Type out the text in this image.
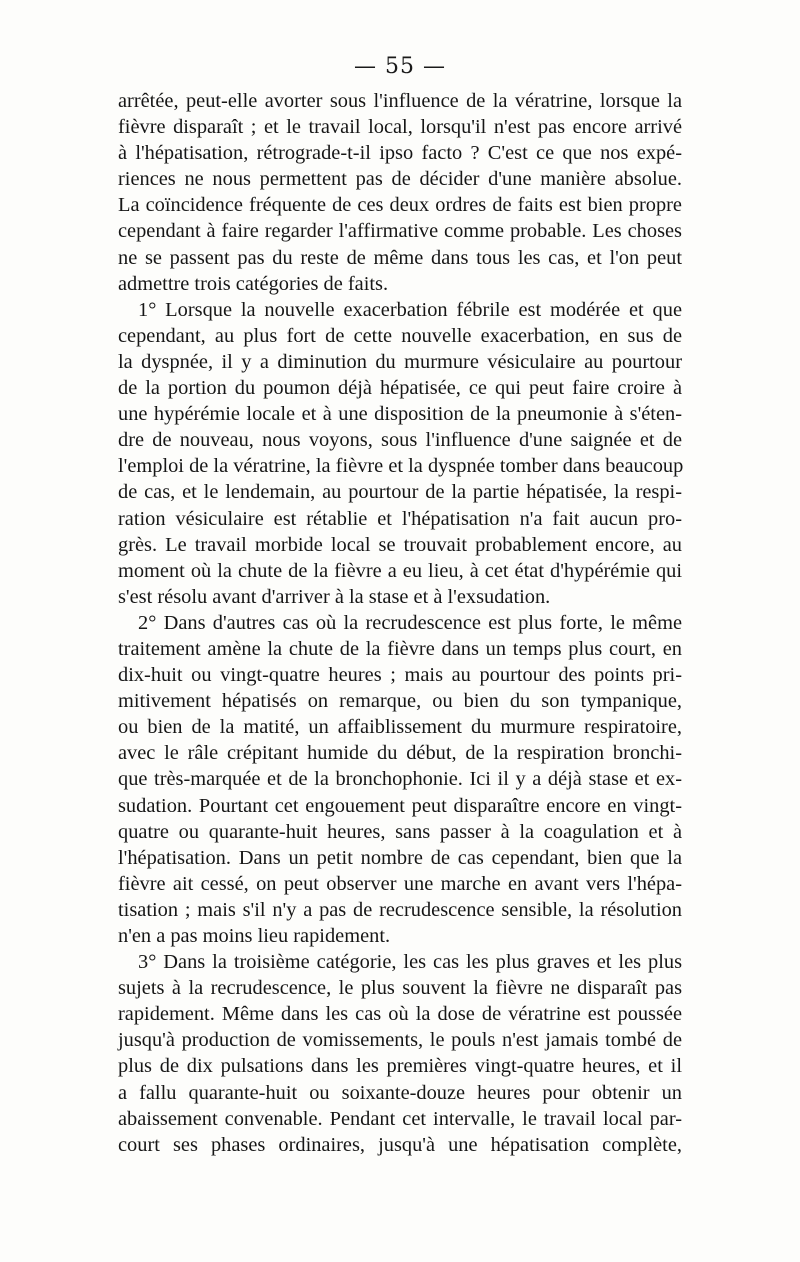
— 55 —
arrêtée, peut-elle avorter sous l'influence de la vératrine, lorsque la
fièvre disparaît ; et le travail local, lorsqu'il n'est pas encore arrivé
à l'hépatisation, rétrograde-t-il ipso facto ? C'est ce que nos expé-
riences ne nous permettent pas de décider d'une manière absolue.
La coïncidence fréquente de ces deux ordres de faits est bien propre
cependant à faire regarder l'affirmative comme probable. Les choses
ne se passent pas du reste de même dans tous les cas, et l'on peut
admettre trois catégories de faits.
1° Lorsque la nouvelle exacerbation fébrile est modérée et que
cependant, au plus fort de cette nouvelle exacerbation, en sus de
la dyspnée, il y a diminution du murmure vésiculaire au pourtour
de la portion du poumon déjà hépatisée, ce qui peut faire croire à
une hypérémie locale et à une disposition de la pneumonie à s'éten-
dre de nouveau, nous voyons, sous l'influence d'une saignée et de
l'emploi de la vératrine, la fièvre et la dyspnée tomber dans beaucoup
de cas, et le lendemain, au pourtour de la partie hépatisée, la respi-
ration vésiculaire est rétablie et l'hépatisation n'a fait aucun pro-
grès. Le travail morbide local se trouvait probablement encore, au
moment où la chute de la fièvre a eu lieu, à cet état d'hypérémie qui
s'est résolu avant d'arriver à la stase et à l'exsudation.
2° Dans d'autres cas où la recrudescence est plus forte, le même
traitement amène la chute de la fièvre dans un temps plus court, en
dix-huit ou vingt-quatre heures ; mais au pourtour des points pri-
mitivement hépatisés on remarque, ou bien du son tympanique,
ou bien de la matité, un affaiblissement du murmure respiratoire,
avec le râle crépitant humide du début, de la respiration bronchi-
que très-marquée et de la bronchophonie. Ici il y a déjà stase et ex-
sudation. Pourtant cet engouement peut disparaître encore en vingt-
quatre ou quarante-huit heures, sans passer à la coagulation et à
l'hépatisation. Dans un petit nombre de cas cependant, bien que la
fièvre ait cessé, on peut observer une marche en avant vers l'hépa-
tisation ; mais s'il n'y a pas de recrudescence sensible, la résolution
n'en a pas moins lieu rapidement.
3° Dans la troisième catégorie, les cas les plus graves et les plus
sujets à la recrudescence, le plus souvent la fièvre ne disparaît pas
rapidement. Même dans les cas où la dose de vératrine est poussée
jusqu'à production de vomissements, le pouls n'est jamais tombé de
plus de dix pulsations dans les premières vingt-quatre heures, et il
a fallu quarante-huit ou soixante-douze heures pour obtenir un
abaissement convenable. Pendant cet intervalle, le travail local par-
court ses phases ordinaires, jusqu'à une hépatisation complète,
